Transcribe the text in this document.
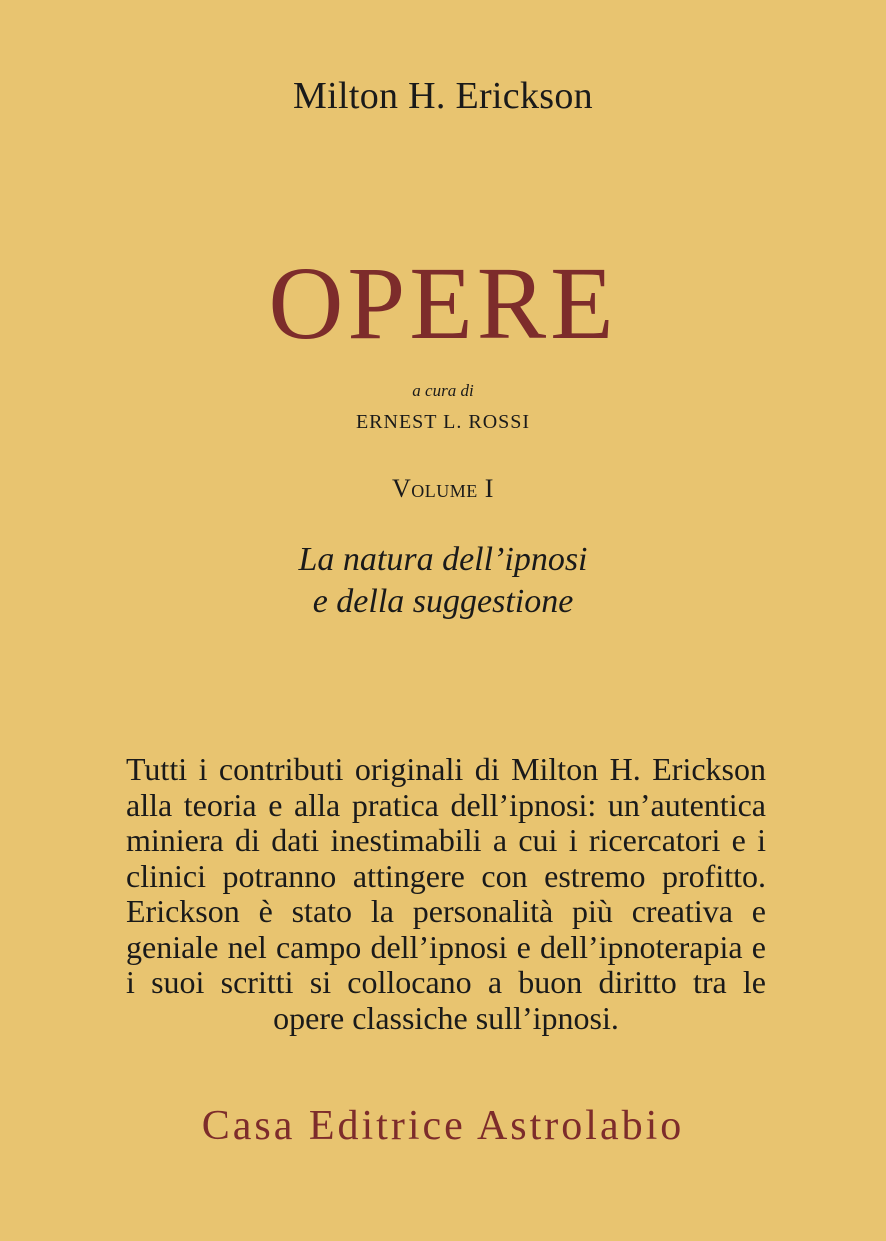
Milton H. Erickson
OPERE
a cura di
ERNEST L. ROSSI
Volume I
La natura dell’ipnosi
e della suggestione
Tutti i contributi originali di Milton H. Erickson alla teoria e alla pratica dell’ipnosi: un’autentica miniera di dati inestimabili a cui i ricercatori e i clinici potranno attingere con estremo profitto. Erickson è stato la personalità più creativa e geniale nel campo dell’ipnosi e dell’ipnoterapia e i suoi scritti si collocano a buon diritto tra le opere classiche sull’ipnosi.
Casa Editrice Astrolabio
